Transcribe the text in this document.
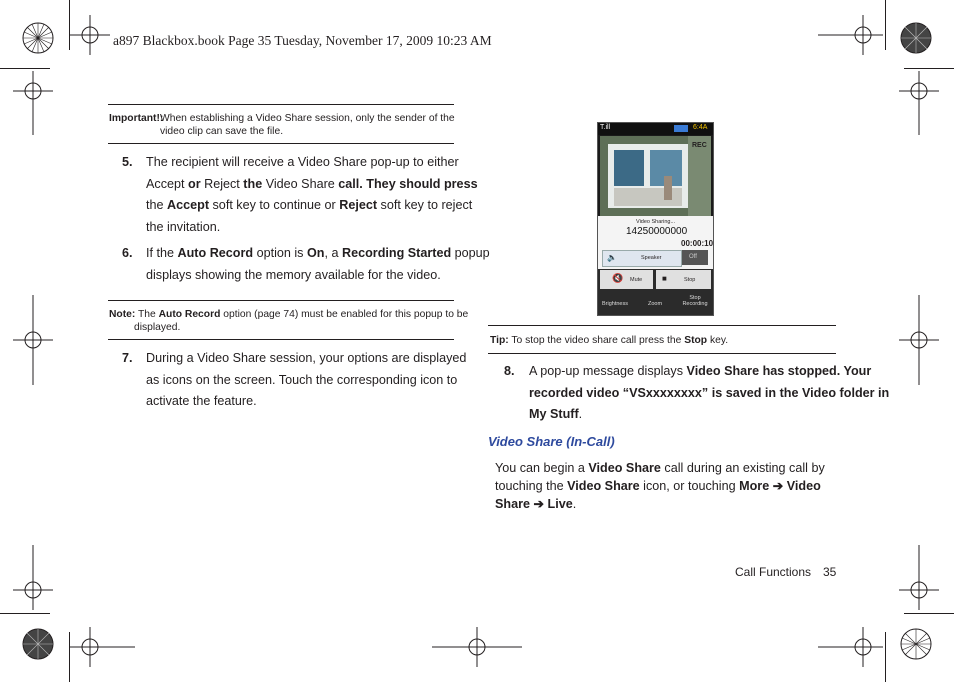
a897 Blackbox.book Page 35 Tuesday, November 17, 2009 10:23 AM
Important!:
When establishing a Video Share session, only the sender of the
video clip can save the file.
5. The recipient will receive a Video Share pop-up to either
Accept or Reject the Video Share call. They should press
the Accept soft key to continue or Reject soft key to reject
the invitation.
6. If the Auto Record option is On, a Recording Started popup
displays showing the memory available for the video.
Note: The Auto Record option (page 74) must be enabled for this popup to be
displayed.
7. During a Video Share session, your options are displayed
as icons on the screen. Touch the corresponding icon to
activate the feature.
T.ill	6:4A
REC
Video Sharing...
14250000000
00:00:10
🔈	Speaker	Off
🔇 Mute ■	Stop
Brightness	Zoom
Stop
Recording
Tip: To stop the video share call press the Stop key.
8. A pop-up message displays Video Share has stopped. Your
recorded video “VSxxxxxxxx” is saved in the Video folder in
My Stuff.
Video Share (In-Call)
You can begin a Video Share call during an existing call by
touching the Video Share icon, or touching More ➔ Video
Share ➔ Live.
Call Functions 35
